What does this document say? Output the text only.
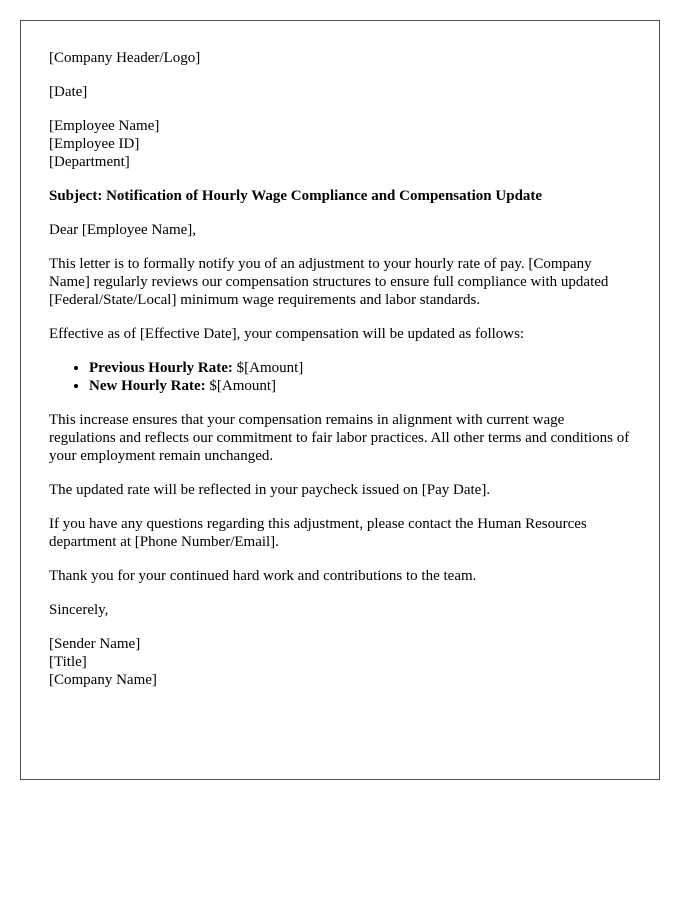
[Company Header/Logo]

[Date]

[Employee Name]
[Employee ID]
[Department]

Subject: Notification of Hourly Wage Compliance and Compensation Update

Dear [Employee Name],

This letter is to formally notify you of an adjustment to your hourly rate of pay. [Company Name] regularly reviews our compensation structures to ensure full compliance with updated [Federal/State/Local] minimum wage requirements and labor standards.

Effective as of [Effective Date], your compensation will be updated as follows:

• Previous Hourly Rate: $[Amount]
• New Hourly Rate: $[Amount]

This increase ensures that your compensation remains in alignment with current wage regulations and reflects our commitment to fair labor practices. All other terms and conditions of your employment remain unchanged.

The updated rate will be reflected in your paycheck issued on [Pay Date].

If you have any questions regarding this adjustment, please contact the Human Resources department at [Phone Number/Email].

Thank you for your continued hard work and contributions to the team.

Sincerely,

[Sender Name]
[Title]
[Company Name]
